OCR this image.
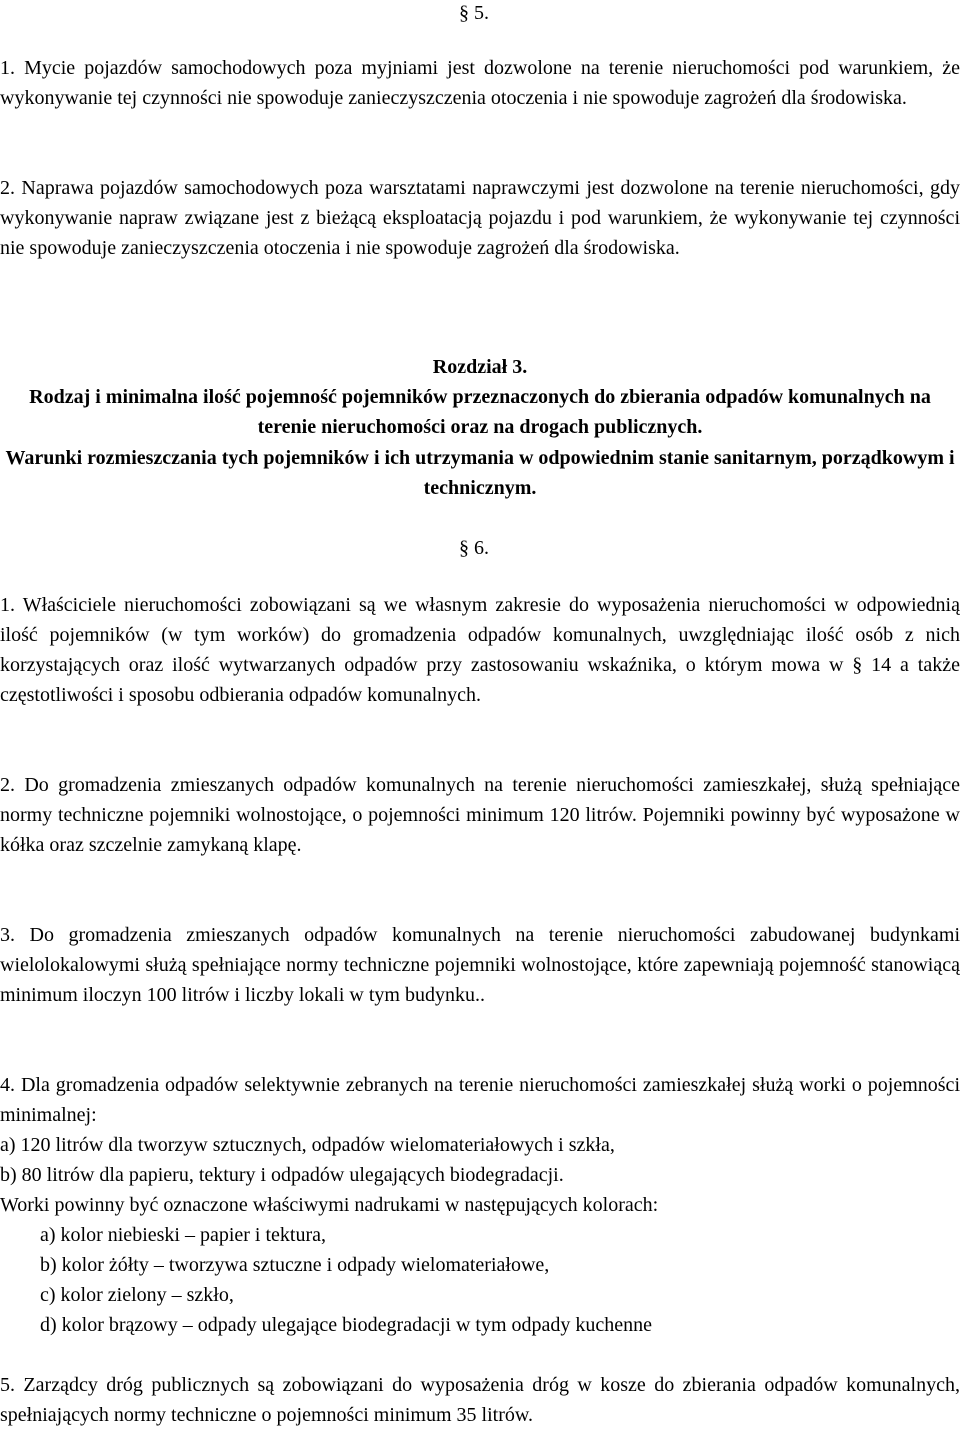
§ 5.

1. Mycie pojazdów samochodowych poza myjniami jest dozwolone na terenie nieruchomości pod warunkiem, że wykonywanie tej czynności nie spowoduje zanieczyszczenia otoczenia i nie spowoduje zagrożeń dla środowiska.

2. Naprawa pojazdów samochodowych poza warsztatami naprawczymi jest dozwolone na terenie nieruchomości, gdy wykonywanie napraw związane jest z bieżącą eksploatacją pojazdu i pod warunkiem, że wykonywanie tej czynności nie spowoduje zanieczyszczenia otoczenia i nie spowoduje zagrożeń dla środowiska.

Rozdział 3.

Rodzaj i minimalna ilość pojemność pojemników przeznaczonych do zbierania odpadów komunalnych na terenie nieruchomości oraz na drogach publicznych.

Warunki rozmieszczania tych pojemników i ich utrzymania w odpowiednim stanie sanitarnym, porządkowym i technicznym.

§ 6.

1. Właściciele nieruchomości zobowiązani są we własnym zakresie do wyposażenia nieruchomości w odpowiednią ilość pojemników (w tym worków) do gromadzenia odpadów komunalnych, uwzględniając ilość osób z nich korzystających oraz ilość wytwarzanych odpadów przy zastosowaniu wskaźnika, o którym mowa w § 14 a także częstotliwości i sposobu odbierania odpadów komunalnych.

2. Do gromadzenia zmieszanych odpadów komunalnych na terenie nieruchomości zamieszkałej, służą spełniające normy techniczne pojemniki wolnostojące, o pojemności minimum 120 litrów. Pojemniki powinny być wyposażone w kółka oraz szczelnie zamykaną klapę.

3. Do gromadzenia zmieszanych odpadów komunalnych na terenie nieruchomości zabudowanej budynkami wielolokalowymi służą spełniające normy techniczne pojemniki wolnostojące, które zapewniają pojemność stanowiącą minimum iloczyn 100 litrów i liczby lokali w tym budynku..

4. Dla gromadzenia odpadów selektywnie zebranych na terenie nieruchomości zamieszkałej służą worki o pojemności minimalnej:

a) 120 litrów dla tworzyw sztucznych, odpadów wielomateriałowych i szkła,

b) 80 litrów dla papieru, tektury i odpadów ulegających biodegradacji.

Worki powinny być oznaczone właściwymi nadrukami w następujących kolorach:

a) kolor niebieski – papier i tektura,

b) kolor żółty – tworzywa sztuczne i odpady wielomateriałowe,

c) kolor zielony – szkło,

d) kolor brązowy – odpady ulegające biodegradacji w tym odpady kuchenne

5. Zarządcy dróg publicznych są zobowiązani do wyposażenia dróg w kosze do zbierania odpadów komunalnych, spełniających normy techniczne o pojemności minimum 35 litrów.
